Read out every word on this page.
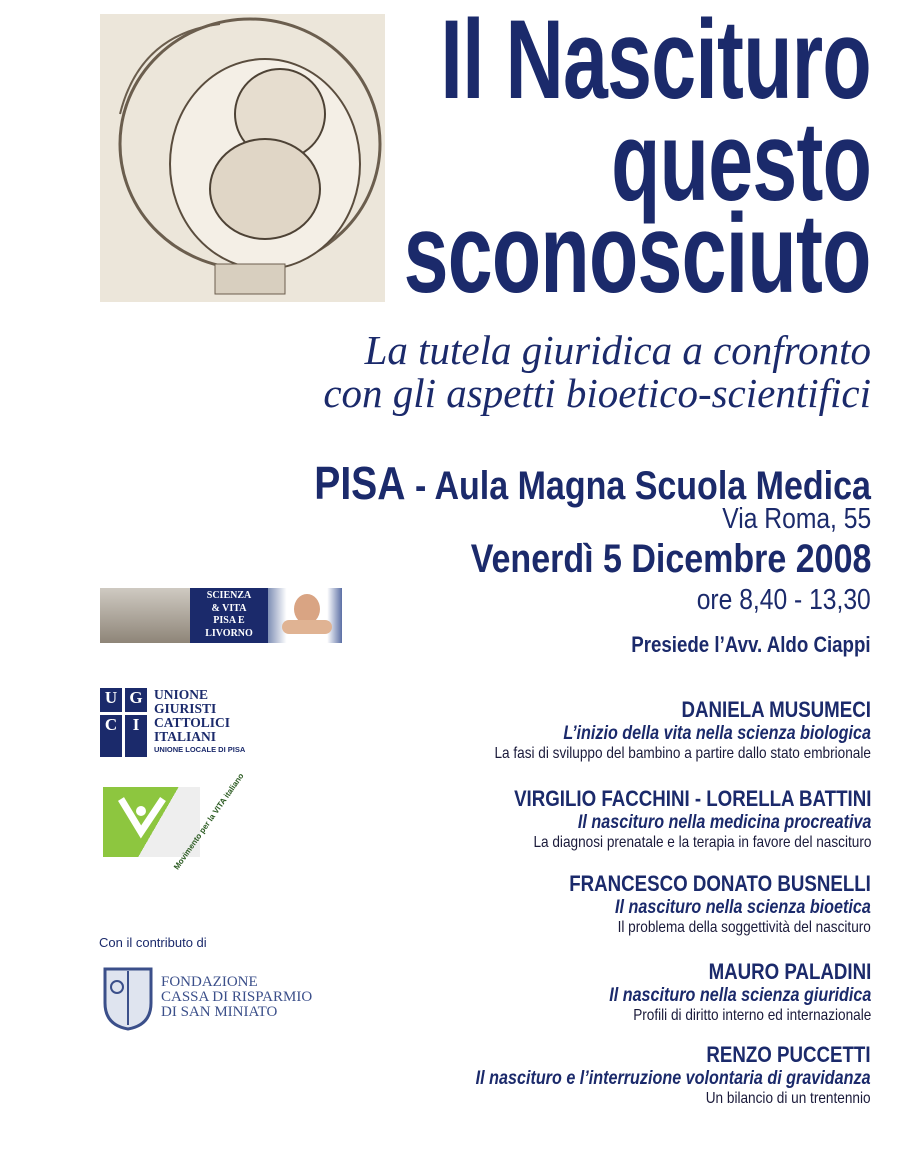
Il Nascituro
questo
sconosciuto
La tutela giuridica a confronto
con gli aspetti bioetico-scientifici
PISA - Aula Magna Scuola Medica
Via Roma, 55
Venerdì 5 Dicembre 2008
ore 8,40 - 13,30
Presiede l’Avv. Aldo Ciappi
DANIELA MUSUMECI
L’inizio della vita nella scienza biologica
La fasi di sviluppo del bambino a partire dallo stato embrionale
VIRGILIO FACCHINI - LORELLA BATTINI
Il nascituro nella medicina procreativa
La diagnosi prenatale e la terapia in favore del nascituro
FRANCESCO DONATO BUSNELLI
Il nascituro nella scienza bioetica
Il problema della soggettività del nascituro
MAURO PALADINI
Il nascituro nella scienza giuridica
Profili di diritto interno ed internazionale
RENZO PUCCETTI
Il nascituro e l’interruzione volontaria di gravidanza
Un bilancio di un trentennio
SCIENZA
& VITA
PISA E
LIVORNO
U G
C I
UNIONE
GIURISTI
CATTOLICI
ITALIANI
UNIONE LOCALE DI PISA
Movimento per la VITA italiano
Con il contributo di
FONDAZIONE
CASSA DI RISPARMIO
DI SAN MINIATO
